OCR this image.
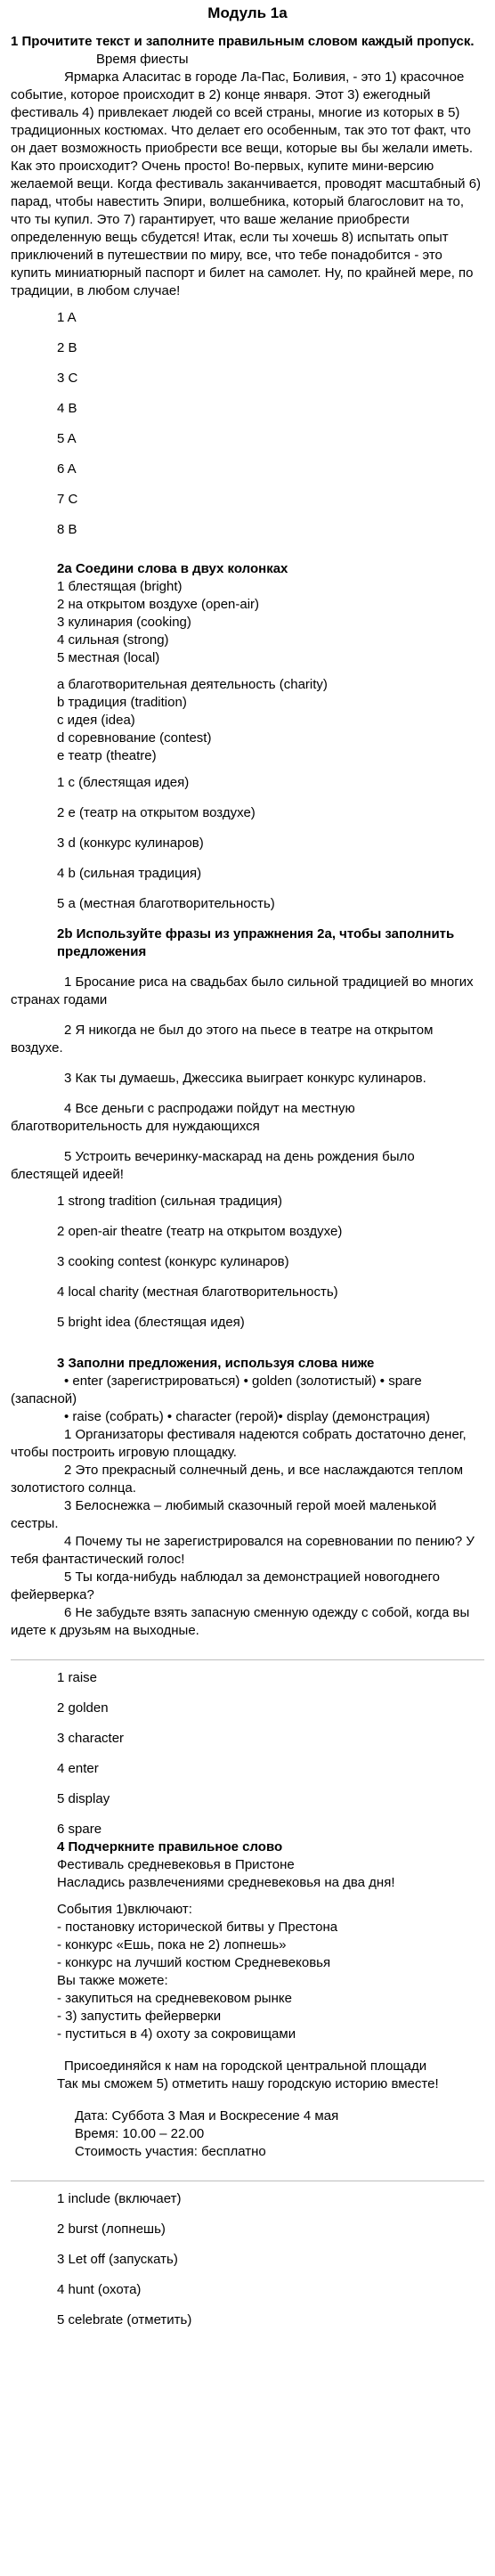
Модуль 1а
1 Прочитите текст и заполните правильным словом каждый пропуск.
Время фиесты
Ярмарка Аласитас в городе Ла-Пас, Боливия, - это 1) красочное событие, которое происходит в 2) конце января. Этот 3) ежегодный фестиваль 4) привлекает людей со всей страны, многие из которых в 5) традиционных костюмах. Что делает его особенным, так это тот факт, что он дает возможность приобрести все вещи, которые вы бы желали иметь. Как это происходит? Очень просто! Во-первых, купите мини-версию желаемой вещи. Когда фестиваль заканчивается, проводят масштабный 6) парад, чтобы навестить Эпири, волшебника, который благословит на то, что ты купил. Это 7) гарантирует, что ваше желание приобрести определенную вещь сбудется! Итак, если ты хочешь 8) испытать опыт приключений в путешествии по миру, все, что тебе понадобится - это купить миниатюрный паспорт и билет на самолет. Ну, по крайней мере, по традиции, в любом случае!
1 A
2 B
3 C
4 B
5 A
6 A
7 C
8 B
2a Соедини слова в двух колонках
1 блестящая (bright)
2 на открытом воздухе (open-air)
3 кулинария (cooking)
4 сильная (strong)
5 местная (local)
a благотворительная деятельность (charity)
b традиция (tradition)
c идея (idea)
d соревнование (contest)
e театр (theatre)
1 c (блестящая идея)
2 e (театр на открытом воздухе)
3 d (конкурс кулинаров)
4 b (сильная традиция)
5 a (местная благотворительность)
2b Используйте фразы из упражнения 2a, чтобы заполнить предложения
1 Бросание риса на свадьбах было сильной традицией во многих странах годами
2 Я никогда не был до этого на пьесе в театре на открытом воздухе.
3 Как ты думаешь, Джессика выиграет конкурс кулинаров.
4 Все деньги с распродажи пойдут на местную благотворительность для нуждающихся
5 Устроить вечеринку-маскарад на день рождения было блестящей идеей!
1 strong tradition (сильная традиция)
2 open-air theatre (театр на открытом воздухе)
3 cooking contest (конкурс кулинаров)
4 local charity (местная благотворительность)
5 bright idea (блестящая идея)
3 Заполни предложения, используя слова ниже
• enter (зарегистрироваться) • golden (золотистый) • spare (запасной)
• raise (собрать) • character (герой)• display (демонстрация)
1 Организаторы фестиваля надеются собрать достаточно денег, чтобы построить игровую площадку.
2 Это прекрасный солнечный день, и все наслаждаются теплом золотистого солнца.
3 Белоснежка – любимый сказочный герой моей маленькой сестры.
4 Почему ты не зарегистрировался на соревновании по пению? У тебя фантастический голос!
5 Ты когда-нибудь наблюдал за демонстрацией новогоднего фейерверка?
6 Не забудьте взять запасную сменную одежду с собой, когда вы идете к друзьям на выходные.
1 raise
2 golden
3 character
4 enter
5 display
6 spare
4 Подчеркните правильное слово
Фестиваль средневековья в Пристоне
Насладись развлечениями средневековья на два дня!
События 1)включают:
- постановку исторической битвы у Престона
- конкурс «Ешь, пока не 2) лопнешь»
- конкурс на лучший костюм Средневековья
Вы также можете:
- закупиться на средневековом рынке
- 3) запустить фейерверки
- пуститься в 4) охоту за сокровищами
Присоединяйся к нам на городской центральной площади
Так мы сможем 5) отметить нашу городскую историю вместе!
Дата: Суббота 3 Мая и Воскресение 4 мая
Время: 10.00 – 22.00
Стоимость участия: бесплатно
1 include (включает)
2 burst (лопнешь)
3 Let off (запускать)
4 hunt (охота)
5 celebrate (отметить)
